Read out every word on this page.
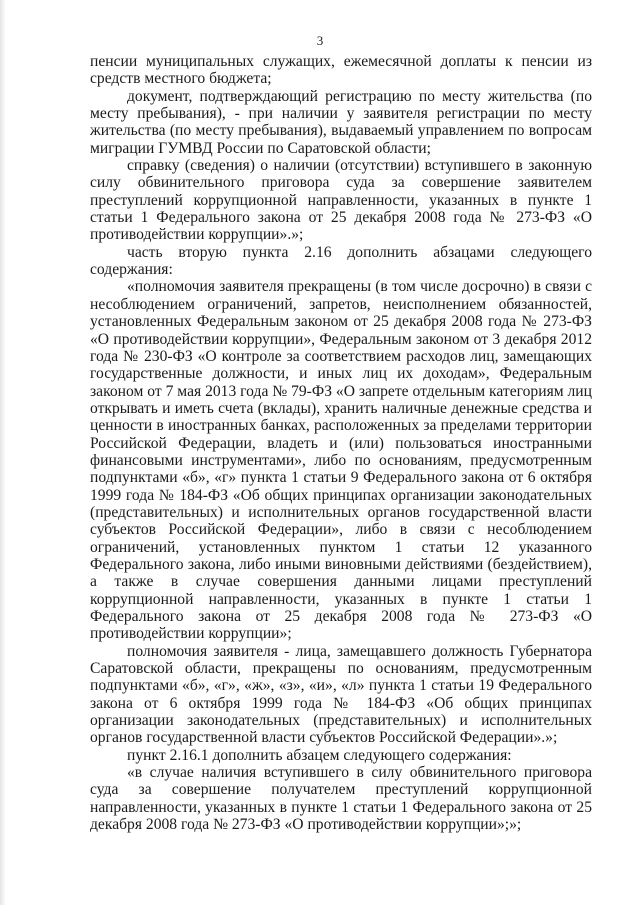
3

пенсии муниципальных служащих, ежемесячной доплаты к пенсии из средств местного бюджета;

документ, подтверждающий регистрацию по месту жительства (по месту пребывания), - при наличии у заявителя регистрации по месту жительства (по месту пребывания), выдаваемый управлением по вопросам миграции ГУМВД России по Саратовской области;

справку (сведения) о наличии (отсутствии) вступившего в законную силу обвинительного приговора суда за совершение заявителем преступлений коррупционной направленности, указанных в пункте 1 статьи 1 Федерального закона от 25 декабря 2008 года № 273-ФЗ «О противодействии коррупции».»;

часть вторую пункта 2.16 дополнить абзацами следующего содержания:

«полномочия заявителя прекращены (в том числе досрочно) в связи с несоблюдением ограничений, запретов, неисполнением обязанностей, установленных Федеральным законом от 25 декабря 2008 года № 273-ФЗ «О противодействии коррупции», Федеральным законом от 3 декабря 2012 года № 230-ФЗ «О контроле за соответствием расходов лиц, замещающих государственные должности, и иных лиц их доходам», Федеральным законом от 7 мая 2013 года № 79-ФЗ «О запрете отдельным категориям лиц открывать и иметь счета (вклады), хранить наличные денежные средства и ценности в иностранных банках, расположенных за пределами территории Российской Федерации, владеть и (или) пользоваться иностранными финансовыми инструментами», либо по основаниям, предусмотренным подпунктами «б», «г» пункта 1 статьи 9 Федерального закона от 6 октября 1999 года № 184-ФЗ «Об общих принципах организации законодательных (представительных) и исполнительных органов государственной власти субъектов Российской Федерации», либо в связи с несоблюдением ограничений, установленных пунктом 1 статьи 12 указанного Федерального закона, либо иными виновными действиями (бездействием), а также в случае совершения данными лицами преступлений коррупционной направленности, указанных в пункте 1 статьи 1 Федерального закона от 25 декабря 2008 года № 273-ФЗ «О противодействии коррупции»;

полномочия заявителя - лица, замещавшего должность Губернатора Саратовской области, прекращены по основаниям, предусмотренным подпунктами «б», «г», «ж», «з», «и», «л» пункта 1 статьи 19 Федерального закона от 6 октября 1999 года № 184-ФЗ «Об общих принципах организации законодательных (представительных) и исполнительных органов государственной власти субъектов Российской Федерации».»;

пункт 2.16.1 дополнить абзацем следующего содержания:

«в случае наличия вступившего в силу обвинительного приговора суда за совершение получателем преступлений коррупционной направленности, указанных в пункте 1 статьи 1 Федерального закона от 25 декабря 2008 года № 273-ФЗ «О противодействии коррупции»;»;
